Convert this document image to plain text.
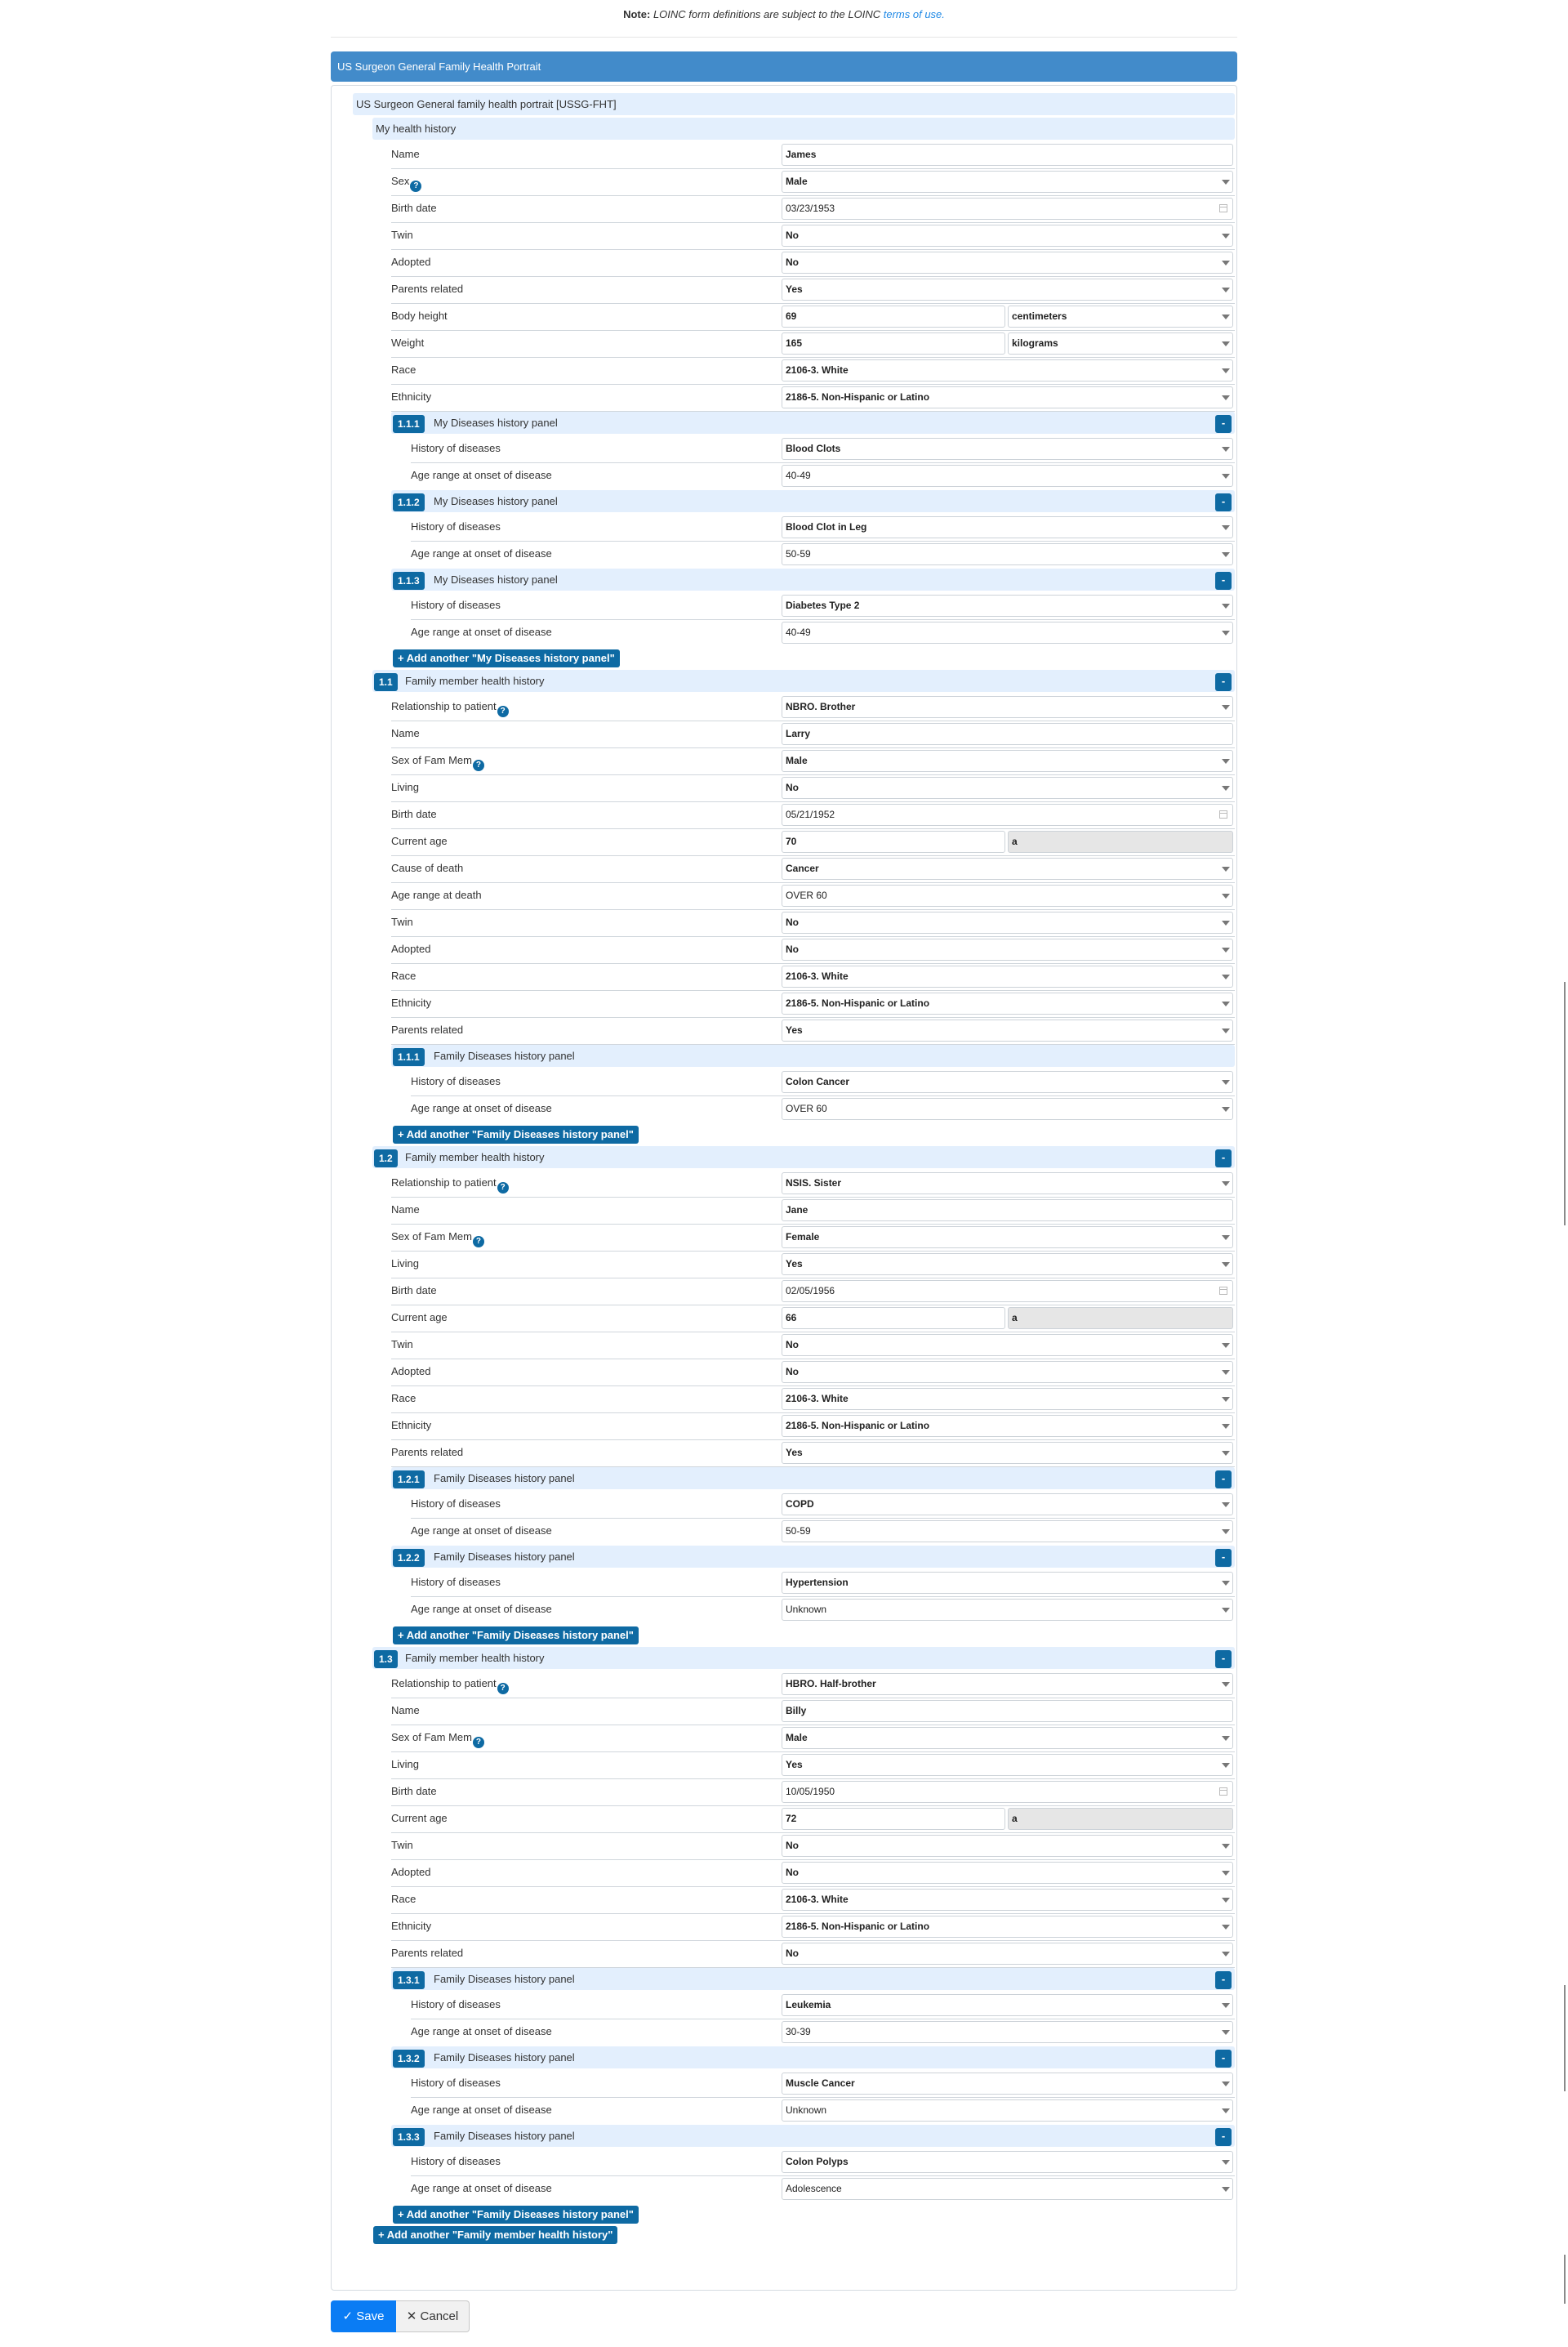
Note: LOINC form definitions are subject to the LOINC terms of use.
US Surgeon General Family Health Portrait
US Surgeon General family health portrait [USSG-FHT]
My health history
Name	James
Sex ?	Male
Birth date	03/23/1953
Twin	No
Adopted	No
Parents related	Yes
Body height	69	centimeters
Weight	165	kilograms
Race	2106-3. White
Ethnicity	2186-5. Non-Hispanic or Latino
1.1.1	My Diseases history panel	-
History of diseases	Blood Clots
Age range at onset of disease	40-49
1.1.2	My Diseases history panel	-
History of diseases	Blood Clot in Leg
Age range at onset of disease	50-59
1.1.3	My Diseases history panel	-
History of diseases	Diabetes Type 2
Age range at onset of disease	40-49
+ Add another "My Diseases history panel"
1.1	Family member health history	-
Relationship to patient ?	NBRO. Brother
Name	Larry
Sex of Fam Mem ?	Male
Living	No
Birth date	05/21/1952
Current age	70	a
Cause of death	Cancer
Age range at death	OVER 60
Twin	No
Adopted	No
Race	2106-3. White
Ethnicity	2186-5. Non-Hispanic or Latino
Parents related	Yes
1.1.1	Family Diseases history panel
History of diseases	Colon Cancer
Age range at onset of disease	OVER 60
+ Add another "Family Diseases history panel"
1.2	Family member health history	-
Relationship to patient ?	NSIS. Sister
Name	Jane
Sex of Fam Mem ?	Female
Living	Yes
Birth date	02/05/1956
Current age	66	a
Twin	No
Adopted	No
Race	2106-3. White
Ethnicity	2186-5. Non-Hispanic or Latino
Parents related	Yes
1.2.1	Family Diseases history panel	-
History of diseases	COPD
Age range at onset of disease	50-59
1.2.2	Family Diseases history panel	-
History of diseases	Hypertension
Age range at onset of disease	Unknown
+ Add another "Family Diseases history panel"
1.3	Family member health history	-
Relationship to patient ?	HBRO. Half-brother
Name	Billy
Sex of Fam Mem ?	Male
Living	Yes
Birth date	10/05/1950
Current age	72	a
Twin	No
Adopted	No
Race	2106-3. White
Ethnicity	2186-5. Non-Hispanic or Latino
Parents related	No
1.3.1	Family Diseases history panel	-
History of diseases	Leukemia
Age range at onset of disease	30-39
1.3.2	Family Diseases history panel	-
History of diseases	Muscle Cancer
Age range at onset of disease	Unknown
1.3.3	Family Diseases history panel	-
History of diseases	Colon Polyps
Age range at onset of disease	Adolescence
+ Add another "Family Diseases history panel"
+ Add another "Family member health history"
✓ Save	✕ Cancel
